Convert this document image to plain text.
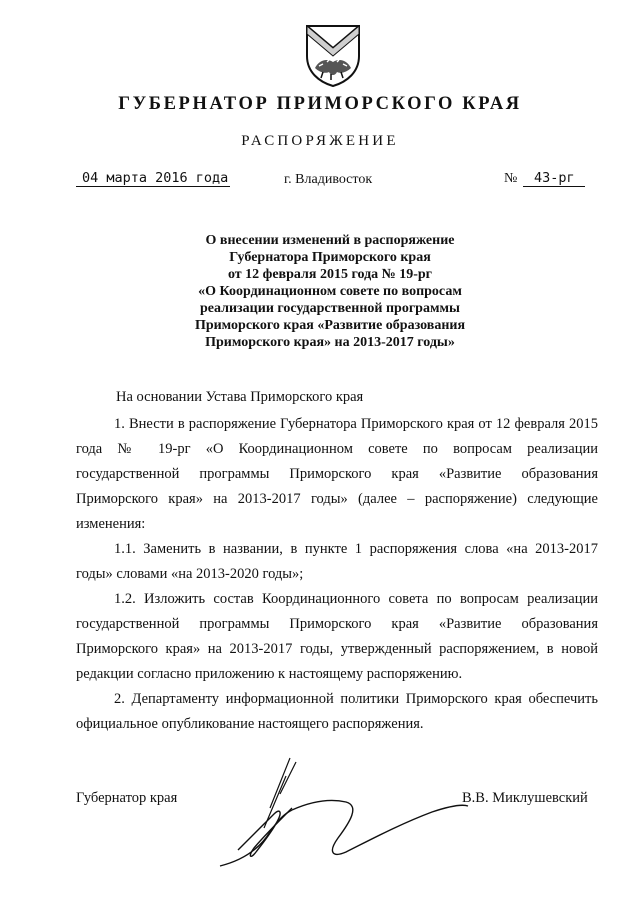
ГУБЕРНАТОР ПРИМОРСКОГО КРАЯ
РАСПОРЯЖЕНИЕ
04 марта 2016 года	г. Владивосток	№ 43-рг
О внесении изменений в распоряжение
Губернатора Приморского края
от 12 февраля 2015 года № 19-рг
«О Координационном совете по вопросам
реализации государственной программы
Приморского края «Развитие образования
Приморского края» на 2013-2017 годы»

На основании Устава Приморского края

1. Внести в распоряжение Губернатора Приморского края от 12 февраля 2015 года № 19-рг «О Координационном совете по вопросам реализации государственной программы Приморского края «Развитие образования Приморского края» на 2013-2017 годы» (далее – распоряжение) следующие изменения:

1.1. Заменить в названии, в пункте 1 распоряжения слова «на 2013-2017 годы» словами «на 2013-2020 годы»;

1.2. Изложить состав Координационного совета по вопросам реализации государственной программы Приморского края «Развитие образования Приморского края» на 2013-2017 годы, утвержденный распоряжением, в новой редакции согласно приложению к настоящему распоряжению.

2. Департаменту информационной политики Приморского края обеспечить официальное опубликование настоящего распоряжения.

Губернатор края	В.В. Миклушевский
